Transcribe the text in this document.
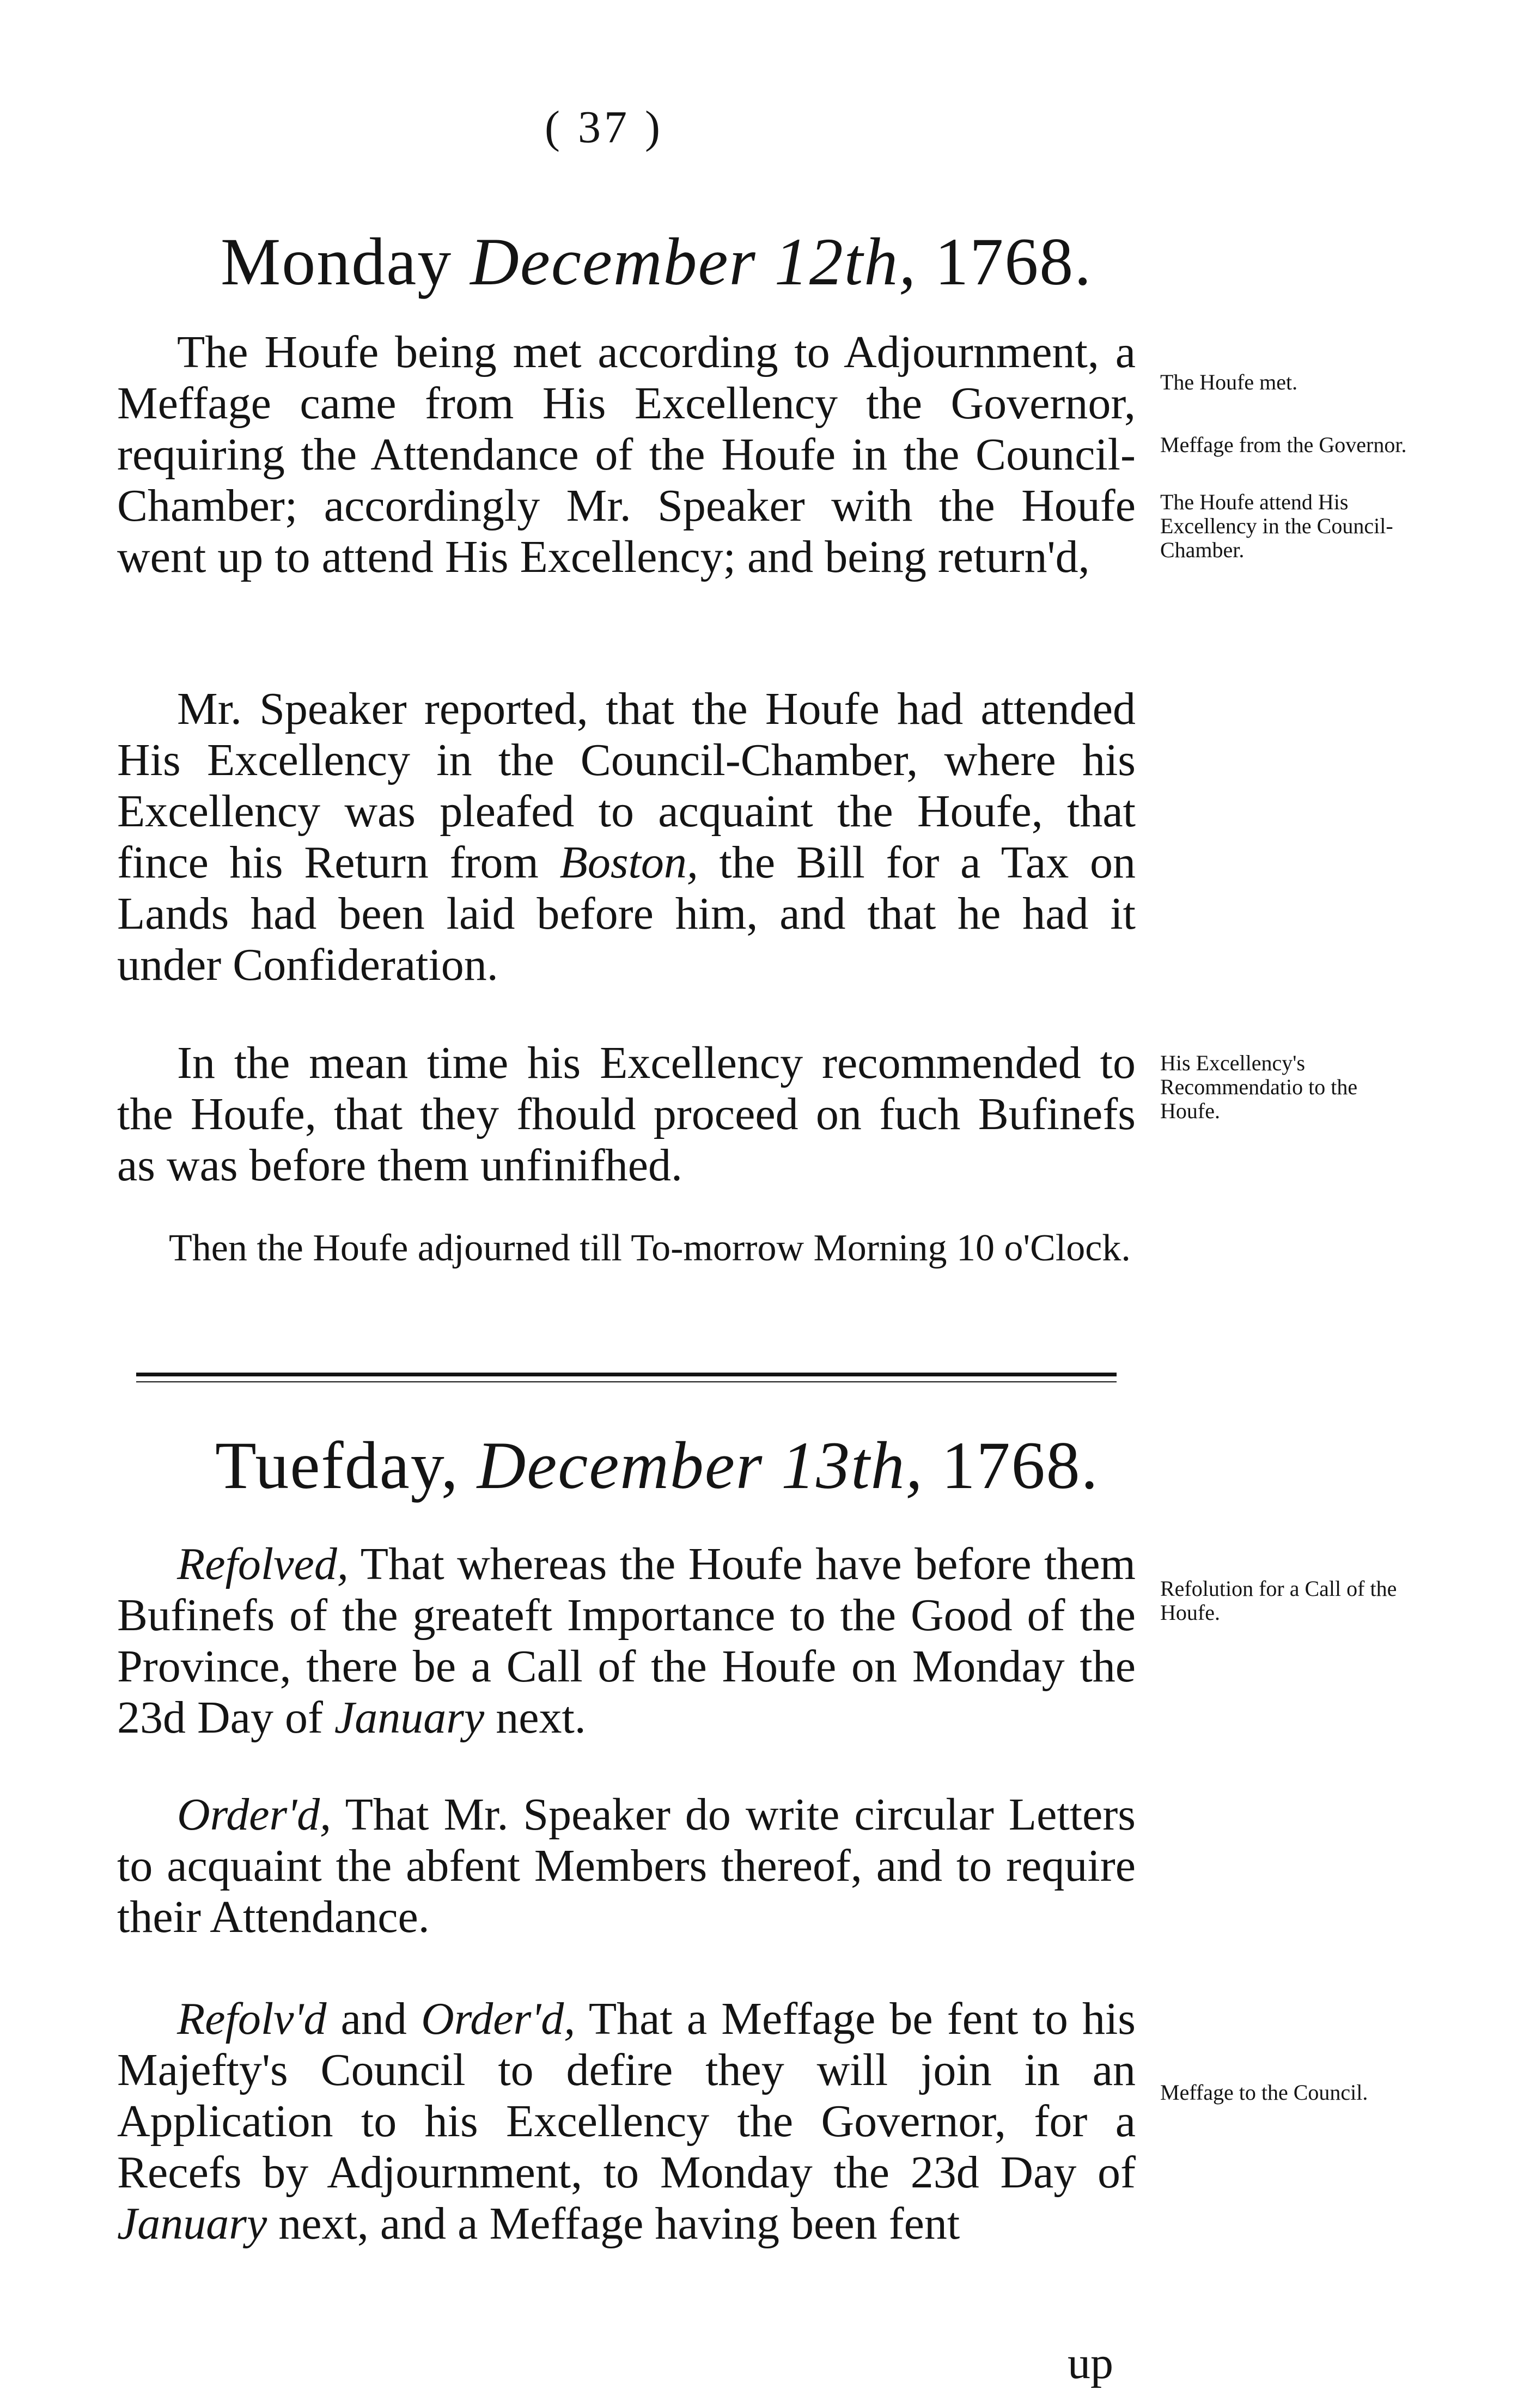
( 37 )
Monday December 12th, 1768.

The Houfe being met according to Adjournment, a Meffage came from His Excellency the Governor, requiring the Attendance of the Houfe in the Council-Chamber; accordingly Mr. Speaker with the Houfe went up to attend His Excellency; and being return'd,

Mr. Speaker reported, that the Houfe had attended His Excellency in the Council-Chamber, where his Excellency was pleafed to acquaint the Houfe, that fince his Return from Boston, the Bill for a Tax on Lands had been laid before him, and that he had it under Confideration.

In the mean time his Excellency recommended to the Houfe, that they fhould proceed on fuch Bufinefs as was before them unfinifhed.

Then the Houfe adjourned till To-morrow Morning 10 o'Clock.

Tuefday, December 13th, 1768.

Refolved, That whereas the Houfe have before them Bufinefs of the greateft Importance to the Good of the Province, there be a Call of the Houfe on Monday the 23d Day of January next.

Order'd, That Mr. Speaker do write circular Letters to acquaint the abfent Members thereof, and to require their Attendance.

Refolv'd and Order'd, That a Meffage be fent to his Majefty's Council to defire they will join in an Application to his Excellency the Governor, for a Recefs by Adjournment, to Monday the 23d Day of January next, and a Meffage having been fent

up
The Houfe met.
Meffage from the Governor.
The Houfe attend His Excellency in the Council-Chamber.
His Excellency's Recommendatio to the Houfe.
Refolution for a Call of the Houfe.
Meffage to the Council.
